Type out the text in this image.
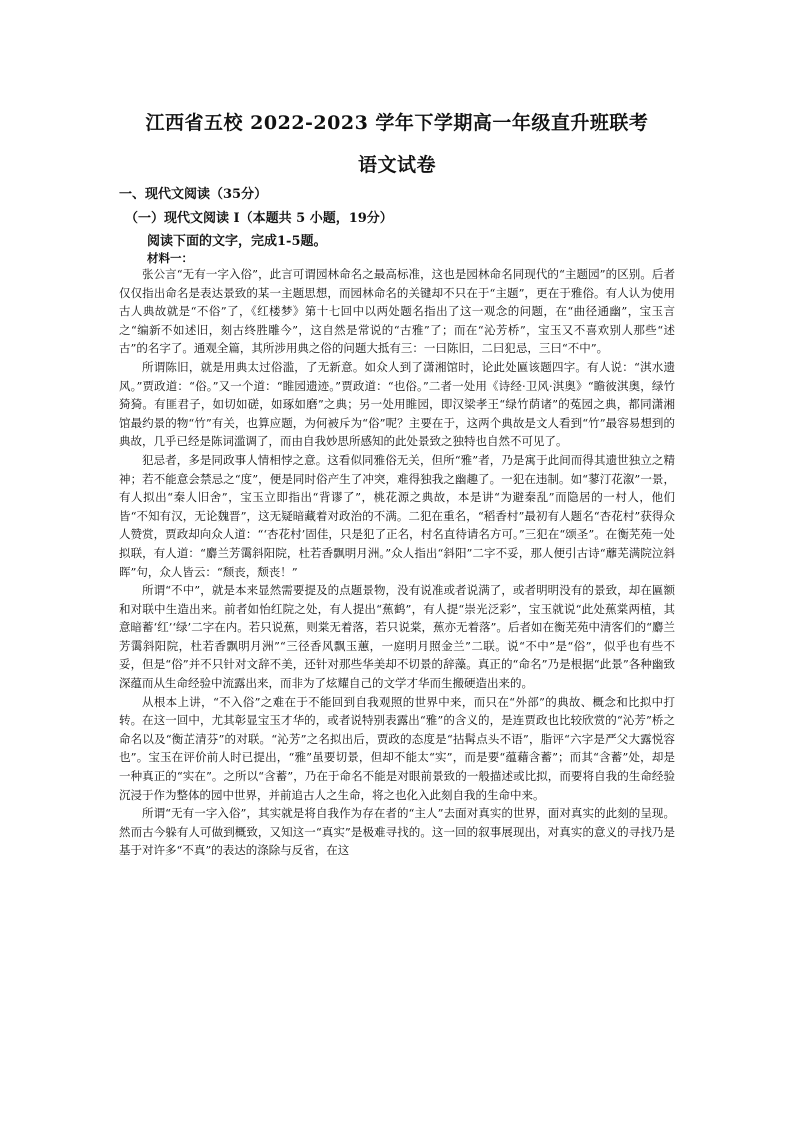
江西省五校 2022-2023 学年下学期高一年级直升班联考
语文试卷
一、现代文阅读（35分）
（一）现代文阅读 I（本题共 5 小题，19分）
阅读下面的文字，完成1-5题。
材料一：

张公言“无有一字入俗”，此言可谓园林命名之最高标准，这也是园林命名同现代的“主题园”的区别。后者仅仅指出命名是表达景致的某一主题思想，而园林命名的关键却不只在于“主题”，更在于雅俗。有人认为使用古人典故就是“不俗”了，《红楼梦》第十七回中以两处题名指出了这一观念的问题，在“曲径通幽”，宝玉言之“编新不如述旧，刻古终胜雕今”，这自然是常说的“古雅”了；而在“沁芳桥”，宝玉又不喜欢别人那些“述古”的名字了。通观全篇，其所涉用典之俗的问题大抵有三：一曰陈旧，二曰犯忌，三曰“不中”。

所谓陈旧，就是用典太过俗滥，了无新意。如众人到了潇湘馆时，论此处匾该题四字。有人说：“淇水遗风。”贾政道：“俗。”又一个道：“睢园遗迹。”贾政道：“也俗。”二者一处用《诗经·卫风·淇奥》“瞻彼淇奥，绿竹猗猗。有匪君子，如切如磋，如琢如磨”之典；另一处用睢园，即汉梁孝王“绿竹荫诸”的菟园之典，都同潇湘馆最约景的物“竹”有关，也算应题，为何被斥为“俗”呢？主要在于，这两个典故是文人看到“竹”最容易想到的典故，几乎已经是陈词滥调了，而由自我妙思所感知的此处景致之独特也自然不可见了。

犯忌者，多是同政事人情相悖之意。这看似同雅俗无关，但所“雅”者，乃是寓于此间而得其遗世独立之精神；若不能意会禁忌之“度”，便是同时俗产生了冲突，难得独我之幽趣了。一犯在违制。如“蓼汀花溆”一景，有人拟出“秦人旧舍”，宝玉立即指出“背谬了”，桃花源之典故，本是讲“为避秦乱”而隐居的一村人，他们皆“不知有汉，无论魏晋”，这无疑暗藏着对政治的不满。二犯在重名，“稻香村”最初有人题名“杏花村”获得众人赞赏，贾政却向众人道：“‘杏花村’固佳，只是犯了正名，村名直待请名方可。”三犯在“颂圣”。在衡芜苑一处拟联，有人道：“麝兰芳霭斜阳院，杜若香飘明月洲。”众人指出“斜阳”二字不妥，那人便引古诗“蘼芜满院泣斜晖”句，众人皆云：“颓丧，颓丧！”

所谓“不中”，就是本来显然需要提及的点题景物，没有说准或者说满了，或者明明没有的景致，却在匾额和对联中生造出来。前者如怡红院之处，有人提出“蕉鹤”，有人提“崇光泛彩”，宝玉就说“此处蕉棠两植，其意暗蓄‘红’‘绿’二字在内。若只说蕉，则棠无着落，若只说棠，蕉亦无着落”。后者如在衡芜苑中清客们的“麝兰芳霭斜阳院，杜若香飘明月洲”“三径香风飘玉蕙，一庭明月照金兰”二联。说“不中”是“俗”，似乎也有些不妥，但是“俗”并不只针对文辞不美，还针对那些华美却不切景的辞藻。真正的“命名”乃是根据“此景”各种幽致深蕴而从生命经验中流露出来，而非为了炫耀自己的文学才华而生搬硬造出来的。

从根本上讲，“不入俗”之难在于不能回到自我观照的世界中来，而只在“外部”的典故、概念和比拟中打转。在这一回中，尤其彰显宝玉才华的，或者说特别表露出“雅”的含义的，是连贾政也比较欣赏的“沁芳”桥之命名以及“衡芷清芬”的对联。“沁芳”之名拟出后，贾政的态度是“拈髯点头不语”，脂评“六字是严父大露悦容也”。宝玉在评价前人时已提出，“雅”虽要切景，但却不能太“实”，而是要“蕴藉含蓄”；而其“含蓄”处，却是一种真正的“实在”。之所以“含蓄”，乃在于命名不能是对眼前景致的一般描述或比拟，而要将自我的生命经验沉浸于作为整体的园中世界，并前追古人之生命，将之也化入此刻自我的生命中来。

所谓“无有一字入俗”，其实就是将自我作为存在者的“主人”去面对真实的世界，面对真实的此刻的呈现。然而古今躲有人可做到概致，又知这一“真实”是极难寻找的。这一回的叙事展现出，对真实的意义的寻找乃是基于对许多“不真”的表达的涤除与反省，在这
